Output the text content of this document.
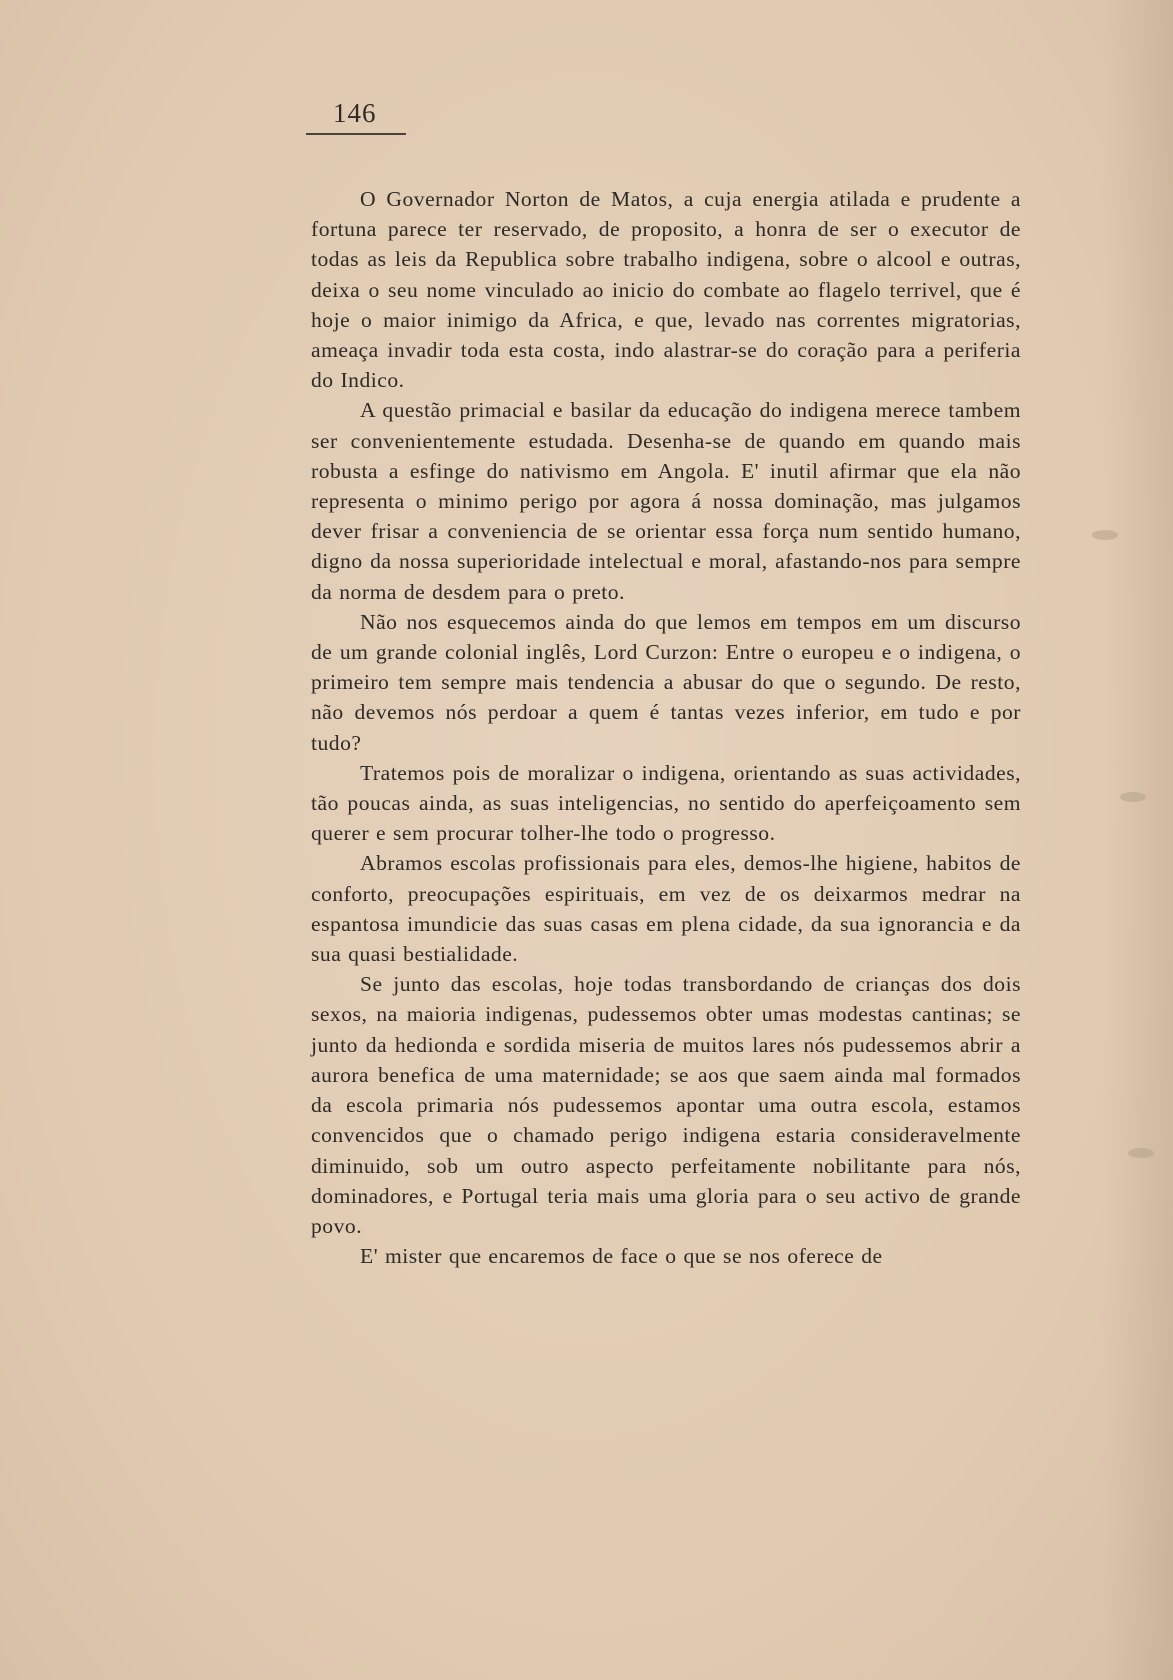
146

O Governador Norton de Matos, a cuja energia atilada e prudente a fortuna parece ter reservado, de proposito, a honra de ser o executor de todas as leis da Republica sobre trabalho indigena, sobre o alcool e outras, deixa o seu nome vinculado ao inicio do combate ao flagelo terrivel, que é hoje o maior inimigo da Africa, e que, levado nas correntes migratorias, ameaça invadir toda esta costa, indo alastrar-se do coração para a periferia do Indico.

A questão primacial e basilar da educação do indigena merece tambem ser convenientemente estudada. Desenha-se de quando em quando mais robusta a esfinge do nativismo em Angola. E' inutil afirmar que ela não representa o minimo perigo por agora á nossa dominação, mas julgamos dever frisar a conveniencia de se orientar essa força num sentido humano, digno da nossa superioridade intelectual e moral, afastando-nos para sempre da norma de desdem para o preto.

Não nos esquecemos ainda do que lemos em tempos em um discurso de um grande colonial inglês, Lord Curzon: Entre o europeu e o indigena, o primeiro tem sempre mais tendencia a abusar do que o segundo. De resto, não devemos nós perdoar a quem é tantas vezes inferior, em tudo e por tudo?

Tratemos pois de moralizar o indigena, orientando as suas actividades, tão poucas ainda, as suas inteligencias, no sentido do aperfeiçoamento sem querer e sem procurar tolher-lhe todo o progresso.

Abramos escolas profissionais para eles, demos-lhe higiene, habitos de conforto, preocupações espirituais, em vez de os deixarmos medrar na espantosa imundicie das suas casas em plena cidade, da sua ignorancia e da sua quasi bestialidade.

Se junto das escolas, hoje todas transbordando de crianças dos dois sexos, na maioria indigenas, pudessemos obter umas modestas cantinas; se junto da hedionda e sordida miseria de muitos lares nós pudessemos abrir a aurora benefica de uma maternidade; se aos que saem ainda mal formados da escola primaria nós pudessemos apontar uma outra escola, estamos convencidos que o chamado perigo indigena estaria consideravelmente diminuido, sob um outro aspecto perfeitamente nobilitante para nós, dominadores, e Portugal teria mais uma gloria para o seu activo de grande povo.

E' mister que encaremos de face o que se nos oferece de
